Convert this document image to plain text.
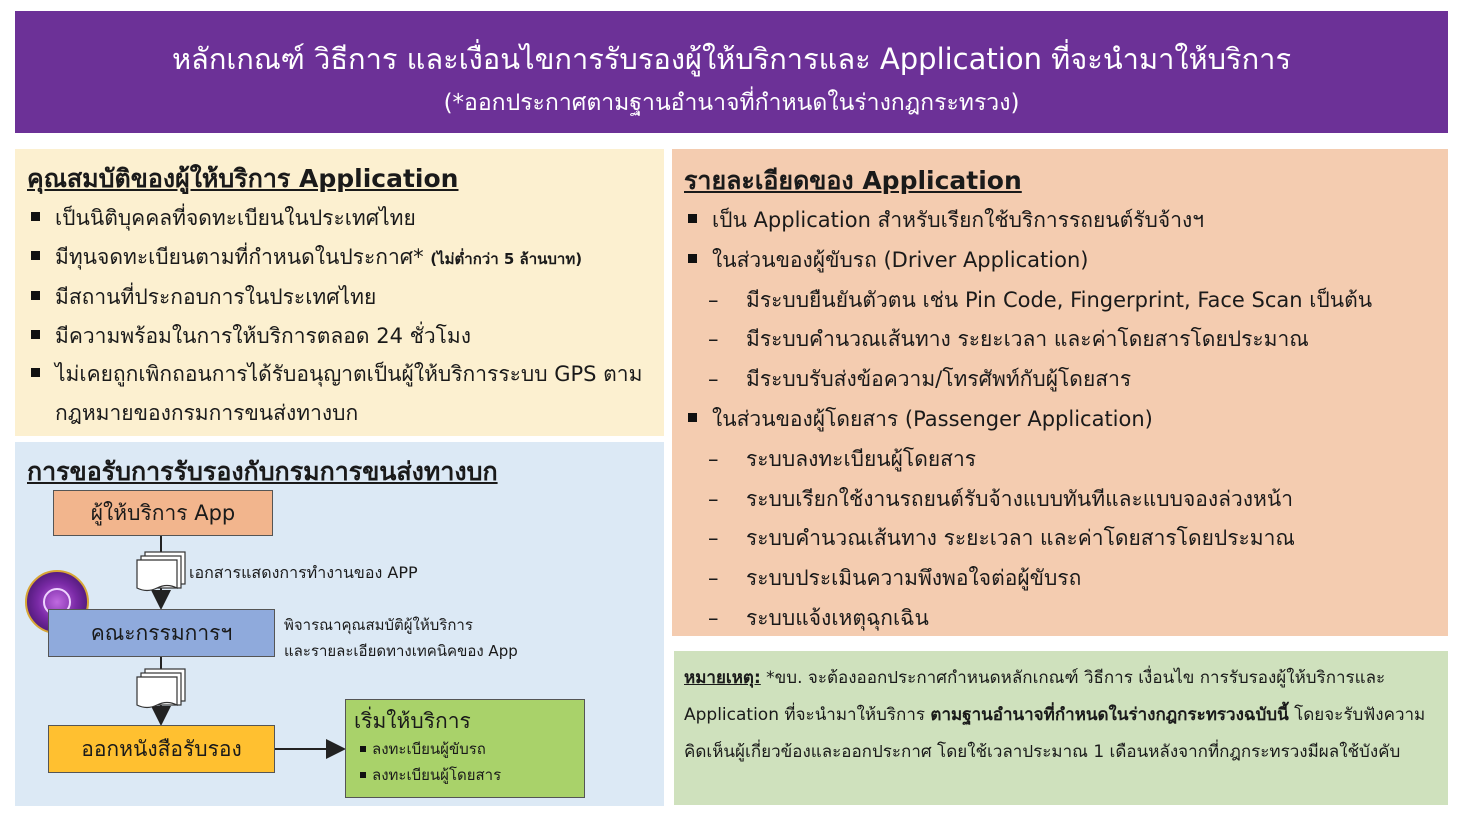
หลักเกณฑ์ วิธีการ และเงื่อนไขการรับรองผู้ให้บริการและ Application ที่จะนำมาให้บริการ
(*ออกประกาศตามฐานอำนาจที่กำหนดในร่างกฎกระทรวง)
คุณสมบัติของผู้ให้บริการ Application
เป็นนิติบุคคลที่จดทะเบียนในประเทศไทย
มีทุนจดทะเบียนตามที่กำหนดในประกาศ* (ไม่ต่ำกว่า 5 ล้านบาท)
มีสถานที่ประกอบการในประเทศไทย
มีความพร้อมในการให้บริการตลอด 24 ชั่วโมง
ไม่เคยถูกเพิกถอนการได้รับอนุญาตเป็นผู้ให้บริการระบบ GPS ตามกฎหมายของกรมการขนส่งทางบก
การขอรับการรับรองกับกรมการขนส่งทางบก
ผู้ให้บริการ App
เอกสารแสดงการทำงานของ APP
คณะกรรมการฯ	พิจารณาคุณสมบัติผู้ให้บริการ
และรายละเอียดทางเทคนิคของ App
ออกหนังสือรับรอง
เริ่มให้บริการ
ลงทะเบียนผู้ขับรถ
ลงทะเบียนผู้โดยสาร
รายละเอียดของ Application
เป็น Application สำหรับเรียกใช้บริการรถยนต์รับจ้างฯ
ในส่วนของผู้ขับรถ (Driver Application)
– มีระบบยืนยันตัวตน เช่น Pin Code, Fingerprint, Face Scan เป็นต้น
– มีระบบคำนวณเส้นทาง ระยะเวลา และค่าโดยสารโดยประมาณ
– มีระบบรับส่งข้อความ/โทรศัพท์กับผู้โดยสาร
ในส่วนของผู้โดยสาร (Passenger Application)
– ระบบลงทะเบียนผู้โดยสาร
– ระบบเรียกใช้งานรถยนต์รับจ้างแบบทันทีและแบบจองล่วงหน้า
– ระบบคำนวณเส้นทาง ระยะเวลา และค่าโดยสารโดยประมาณ
– ระบบประเมินความพึงพอใจต่อผู้ขับรถ
– ระบบแจ้งเหตุฉุกเฉิน
หมายเหตุ: *ขบ. จะต้องออกประกาศกำหนดหลักเกณฑ์ วิธีการ เงื่อนไข การรับรองผู้ให้บริการและ Application ที่จะนำมาให้บริการ ตามฐานอำนาจที่กำหนดในร่างกฎกระทรวงฉบับนี้ โดยจะรับฟังความคิดเห็นผู้เกี่ยวข้องและออกประกาศ โดยใช้เวลาประมาณ 1 เดือนหลังจากที่กฎกระทรวงมีผลใช้บังคับ
